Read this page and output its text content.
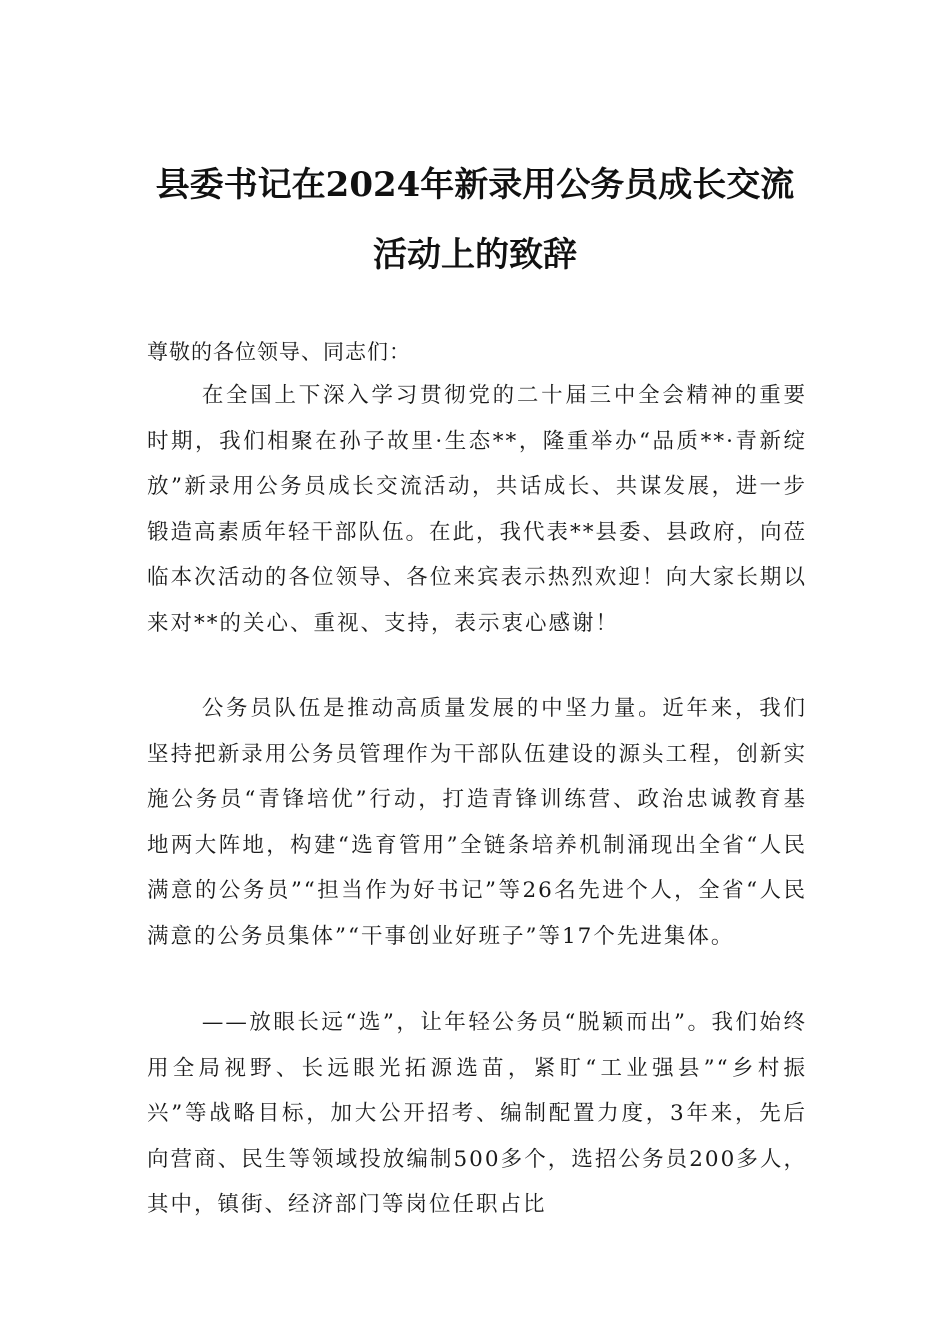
县委书记在2024年新录用公务员成长交流
活动上的致辞

尊敬的各位领导、同志们：

在全国上下深入学习贯彻党的二十届三中全会精神的重要时期，我们相聚在孙子故里·生态**，隆重举办“品质**·青新绽放”新录用公务员成长交流活动，共话成长、共谋发展，进一步锻造高素质年轻干部队伍。在此，我代表**县委、县政府，向莅临本次活动的各位领导、各位来宾表示热烈欢迎！向大家长期以来对**的关心、重视、支持，表示衷心感谢！

公务员队伍是推动高质量发展的中坚力量。近年来，我们坚持把新录用公务员管理作为干部队伍建设的源头工程，创新实施公务员“青锋培优”行动，打造青锋训练营、政治忠诚教育基地两大阵地，构建“选育管用”全链条培养机制涌现出全省“人民满意的公务员”“担当作为好书记”等26名先进个人，全省“人民满意的公务员集体”“干事创业好班子”等17个先进集体。

——放眼长远“选”，让年轻公务员“脱颖而出”。我们始终用全局视野、长远眼光拓源选苗，紧盯“工业强县”“乡村振兴”等战略目标，加大公开招考、编制配置力度，3年来，先后向营商、民生等领域投放编制500多个，选招公务员200多人，其中，镇街、经济部门等岗位任职占比
